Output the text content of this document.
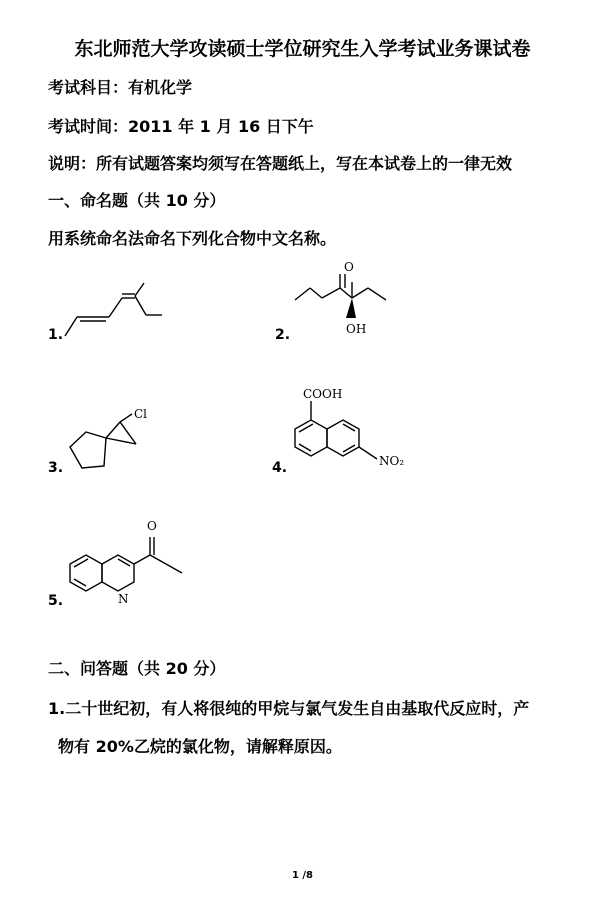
东北师范大学攻读硕士学位研究生入学考试业务课试卷
考试科目：有机化学
考试时间：2011 年 1 月 16 日下午
说明：所有试题答案均须写在答题纸上，写在本试卷上的一律无效
一、命名题（共 10 分）
用系统命名法命名下列化合物中文名称。
1.	2.
O
OH
3.
Cl
4.
COOH
NO₂
5.	N
O
二、问答题（共 20 分）
1.二十世纪初，有人将很纯的甲烷与氯气发生自由基取代反应时，产
物有 20%乙烷的氯化物，请解释原因。
1 /8
